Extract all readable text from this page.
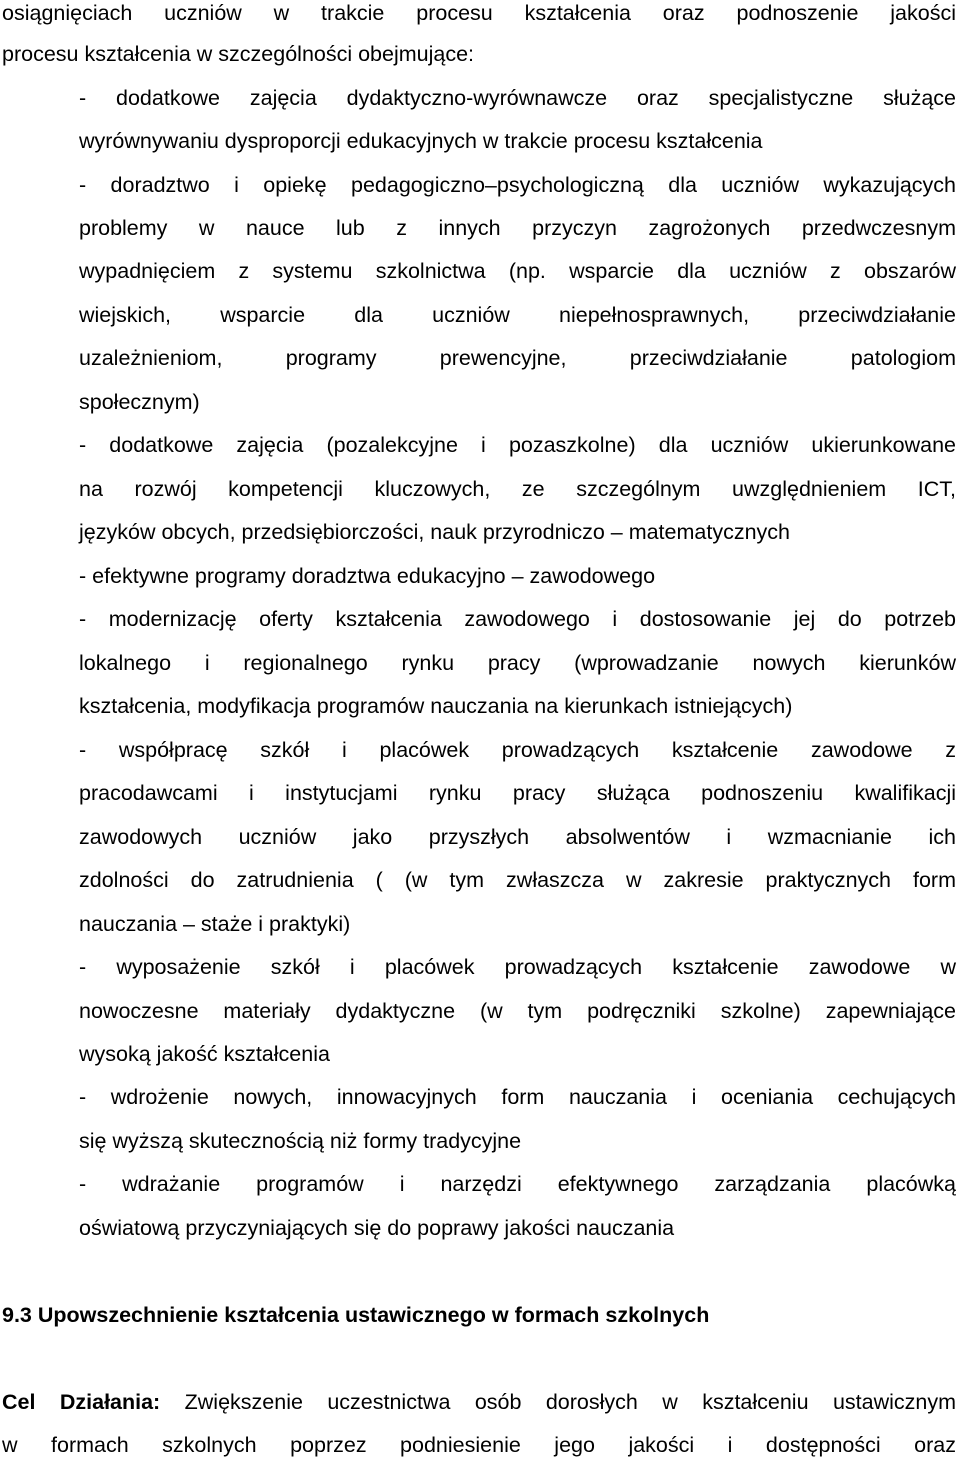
osiągnięciach uczniów w trakcie procesu kształcenia oraz podnoszenie jakości
procesu kształcenia w szczególności obejmujące:
- dodatkowe zajęcia dydaktyczno-wyrównawcze oraz specjalistyczne służące
wyrównywaniu dysproporcji edukacyjnych w trakcie procesu kształcenia
- doradztwo i opiekę pedagogiczno–psychologiczną dla uczniów wykazujących
problemy w nauce lub z innych przyczyn zagrożonych przedwczesnym
wypadnięciem z systemu szkolnictwa (np. wsparcie dla uczniów z obszarów
wiejskich, wsparcie dla uczniów niepełnosprawnych, przeciwdziałanie
uzależnieniom, programy prewencyjne, przeciwdziałanie patologiom
społecznym)
- dodatkowe zajęcia (pozalekcyjne i pozaszkolne) dla uczniów ukierunkowane
na rozwój kompetencji kluczowych, ze szczególnym uwzględnieniem ICT,
języków obcych, przedsiębiorczości, nauk przyrodniczo – matematycznych
- efektywne programy doradztwa edukacyjno – zawodowego
- modernizację oferty kształcenia zawodowego i dostosowanie jej do potrzeb
lokalnego i regionalnego rynku pracy (wprowadzanie nowych kierunków
kształcenia, modyfikacja programów nauczania na kierunkach istniejących)
- współpracę szkół i placówek prowadzących kształcenie zawodowe z
pracodawcami i instytucjami rynku pracy służąca podnoszeniu kwalifikacji
zawodowych uczniów jako przyszłych absolwentów i wzmacnianie ich
zdolności do zatrudnienia ( (w tym zwłaszcza w zakresie praktycznych form
nauczania – staże i praktyki)
- wyposażenie szkół i placówek prowadzących kształcenie zawodowe w
nowoczesne materiały dydaktyczne (w tym podręczniki szkolne) zapewniające
wysoką jakość kształcenia
- wdrożenie nowych, innowacyjnych form nauczania i oceniania cechujących
się wyższą skutecznością niż formy tradycyjne
- wdrażanie programów i narzędzi efektywnego zarządzania placówką
oświatową przyczyniających się do poprawy jakości nauczania
9.3 Upowszechnienie kształcenia ustawicznego w formach szkolnych
Cel Działania: Zwiększenie uczestnictwa osób dorosłych w kształceniu ustawicznym
w formach szkolnych poprzez podniesienie jego jakości i dostępności oraz
